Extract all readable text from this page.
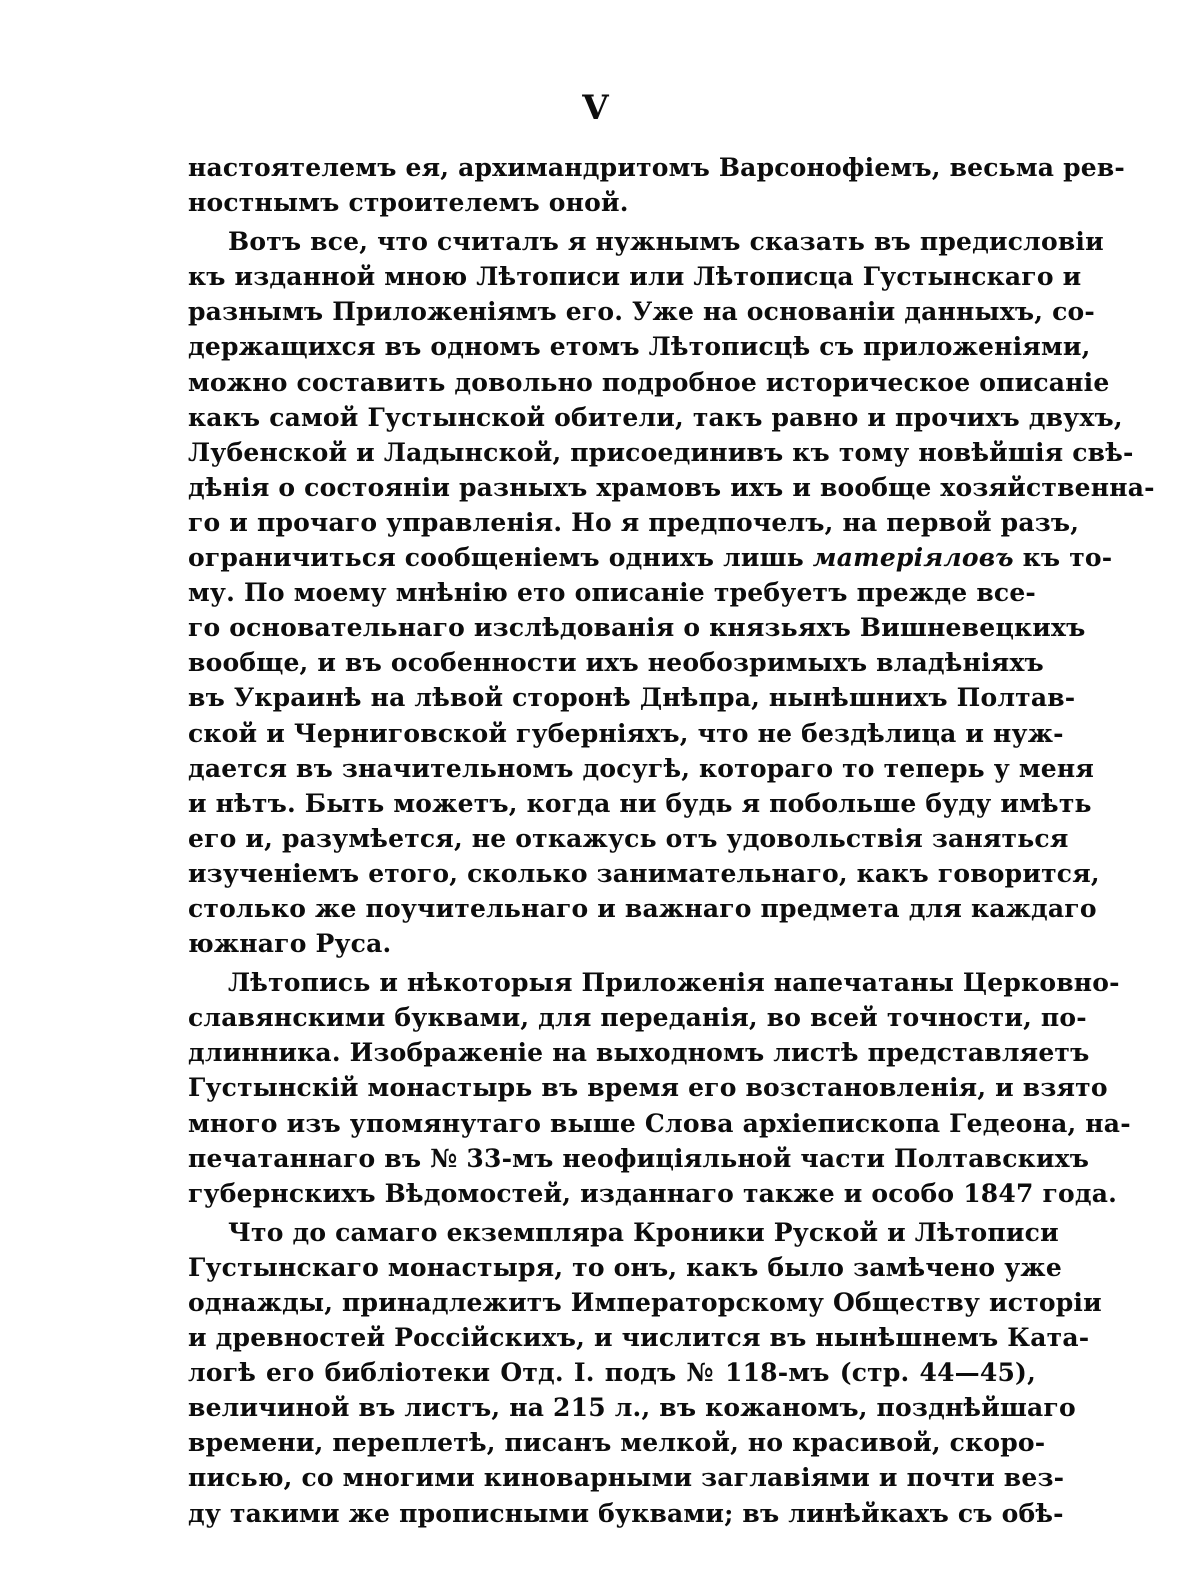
V
настоятелемъ ея, архимандритомъ Варсонофiемъ, весьма рев-
ностнымъ строителемъ оной.
Вотъ все, что считалъ я нужнымъ сказать въ предисловiи
къ изданной мною Лѣтописи или Лѣтописца Густынскаго и
разнымъ Приложенiямъ его. Уже на основанiи данныхъ, со-
держащихся въ одномъ етомъ Лѣтописцѣ съ приложенiями,
можно составить довольно подробное историческое описанiе
какъ самой Густынской обители, такъ равно и прочихъ двухъ,
Лубенской и Ладынской, присоединивъ къ тому новѣйшiя свѣ-
дѣнiя о состоянiи разныхъ храмовъ ихъ и вообще хозяйственна-
го и прочаго управленiя. Но я предпочелъ, на первой разъ,
ограничиться сообщенiемъ однихъ лишь матерiяловъ къ то-
му. По моему мнѣнiю ето описанiе требуетъ прежде все-
го основательнаго изслѣдованiя о князьяхъ Вишневецкихъ
вообще, и въ особенности ихъ необозримыхъ владѣнiяхъ
въ Украинѣ на лѣвой сторонѣ Днѣпра, нынѣшнихъ Полтав-
ской и Черниговской губернiяхъ, что не бездѣлица и нуж-
дается въ значительномъ досугѣ, котораго то теперь у меня
и нѣтъ. Быть можетъ, когда ни будь я побольше буду имѣть
его и, разумѣется, не откажусь отъ удовольствiя заняться
изученiемъ етого, сколько занимательнаго, какъ говорится,
столько же поучительнаго и важнаго предмета для каждаго
южнаго Руса.
Лѣтопись и нѣкоторыя Приложенiя напечатаны Церковно-
славянскими буквами, для переданiя, во всей точности, по-
длинника. Изображенiе на выходномъ листѣ представляетъ
Густынскiй монастырь въ время его возстановленiя, и взято
много изъ упомянутаго выше Слова архiепископа Гедеона, на-
печатаннаго въ № 33-мъ неофицiяльной части Полтавскихъ
губернскихъ Вѣдомостей, изданнаго также и особо 1847 года.
Что до самаго екземпляра Кроники Руской и Лѣтописи
Густынскаго монастыря, то онъ, какъ было замѣчено уже
однажды, принадлежитъ Императорскому Обществу исторiи
и древностей Россiйскихъ, и числится въ нынѣшнемъ Ката-
логѣ его библiотеки Отд. I. подъ № 118-мъ (стр. 44—45),
величиной въ листъ, на 215 л., въ кожаномъ, позднѣйшаго
времени, переплетѣ, писанъ мелкой, но красивой, скоро-
писью, со многими киноварными заглавiями и почти вез-
ду такими же прописными буквами; въ линѣйкахъ съ обѣ-
